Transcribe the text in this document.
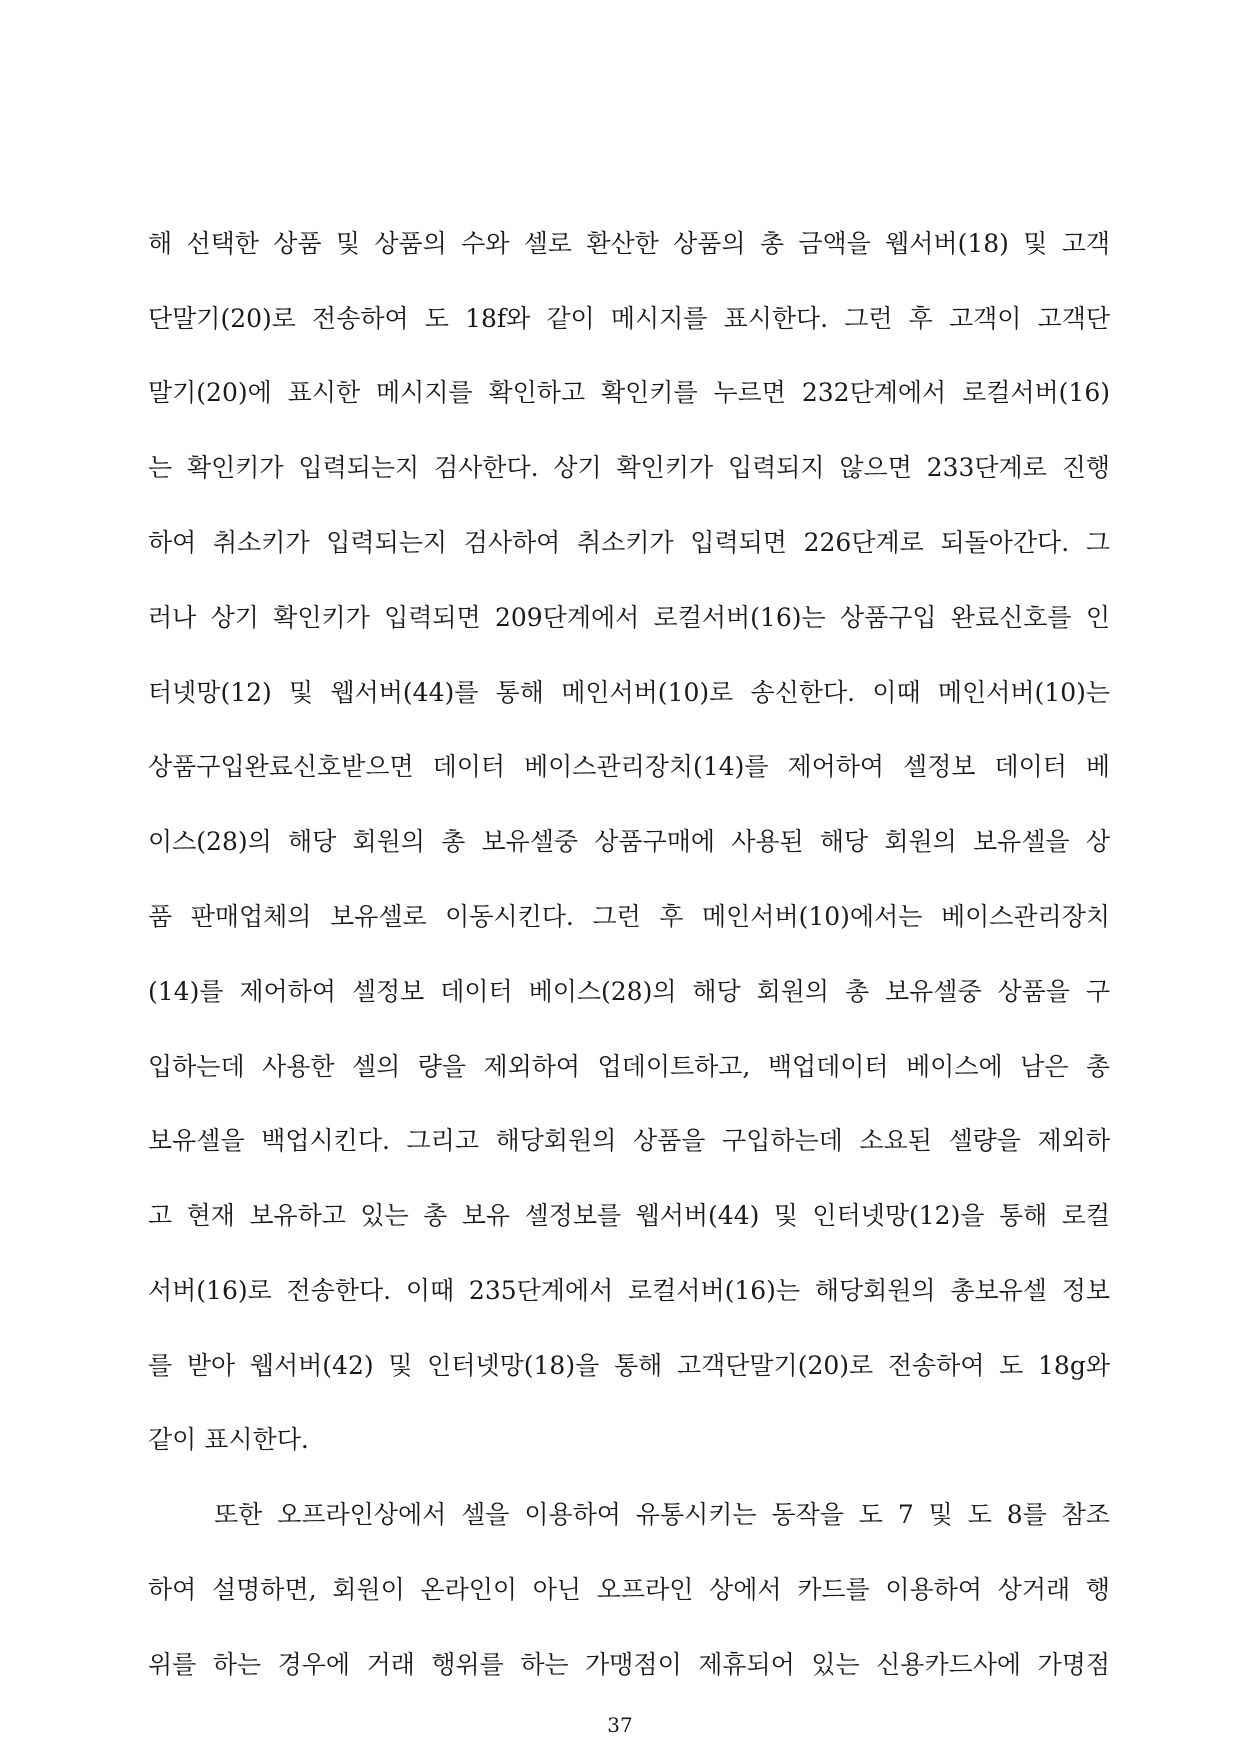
해 선택한 상품 및 상품의 수와 셀로 환산한 상품의 총 금액을 웹서버(18) 및 고객
단말기(20)로 전송하여 도 18f와 같이 메시지를 표시한다. 그런 후 고객이 고객단
말기(20)에 표시한 메시지를 확인하고 확인키를 누르면 232단계에서 로컬서버(16)
는 확인키가 입력되는지 검사한다. 상기 확인키가 입력되지 않으면 233단계로 진행
하여 취소키가 입력되는지 검사하여 취소키가 입력되면 226단계로 되돌아간다. 그
러나 상기 확인키가 입력되면 209단계에서 로컬서버(16)는 상품구입 완료신호를 인
터넷망(12) 및 웹서버(44)를 통해 메인서버(10)로 송신한다. 이때 메인서버(10)는
상품구입완료신호받으면 데이터 베이스관리장치(14)를 제어하여 셀정보 데이터 베
이스(28)의 해당 회원의 총 보유셀중 상품구매에 사용된 해당 회원의 보유셀을 상
품 판매업체의 보유셀로 이동시킨다. 그런 후 메인서버(10)에서는 베이스관리장치
(14)를 제어하여 셀정보 데이터 베이스(28)의 해당 회원의 총 보유셀중 상품을 구
입하는데 사용한 셀의 량을 제외하여 업데이트하고, 백업데이터 베이스에 남은 총
보유셀을 백업시킨다. 그리고 해당회원의 상품을 구입하는데 소요된 셀량을 제외하
고 현재 보유하고 있는 총 보유 셀정보를 웹서버(44) 및 인터넷망(12)을 통해 로컬
서버(16)로 전송한다. 이때 235단계에서 로컬서버(16)는 해당회원의 총보유셀 정보
를 받아 웹서버(42) 및 인터넷망(18)을 통해 고객단말기(20)로 전송하여 도 18g와
같이 표시한다.
또한 오프라인상에서 셀을 이용하여 유통시키는 동작을 도 7 및 도 8를 참조
하여 설명하면, 회원이 온라인이 아닌 오프라인 상에서 카드를 이용하여 상거래 행
위를 하는 경우에 거래 행위를 하는 가맹점이 제휴되어 있는 신용카드사에 가명점
37
